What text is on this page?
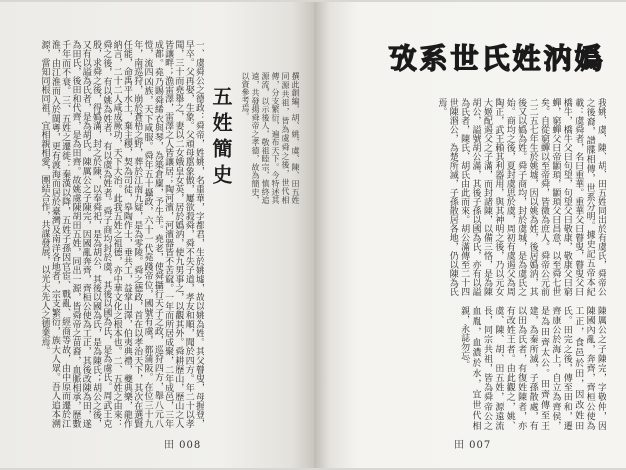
撰此創編，胡、姚、虞、陳、田五姓同源共祖，皆為虞舜之後，世代相傳，分支繁衍，遍布天下。今特述其源流，以示後人，敬祖睦宗，慎終追遠，共發揚舜帝之孝德，故為簡史，以資參考焉。
五姓簡史
一、虞舜公之德政：舜帝，姓姚，名重華，字都君，生於姚墟，故以姚為姓。其父瞽叟，母握登，早卒。父再娶，生象。父頑母嚚象傲，屢欲殺舜，舜不失子道，孝友和順，聞於四方。年二十以孝聞，三十而堯舉之，妻以二女娥皇女英，居於嬀汭，使九男事之，以觀其外。舜耕歷山，歷山之人皆讓畔；漁雷澤，雷澤之人皆讓居；陶河濱，河濱器皆不苦窳。一年而所居成聚，二年成邑，三年成都。堯乃賜舜絺衣與琴，為築倉廩，予牛羊。堯老，使舜攝行天子之政，巡狩四方，舉八元八愷，流四凶族，天下咸服。舜年五十攝政，六十一代堯踐帝位，國號有虞，都蒲阪。在位三十九年，南巡狩，崩於蒼梧之野，葬於江南九疑，是為零陵。舜之德政，首在以孝治天下，其次在選賢任能，命禹平水土，棄主稷，契為司徒，皋陶作士，垂共工，益掌山澤，伯夷典禮，夔典樂，龍作納言，二十二人咸成厥功，天下大治。此我五姓之祖德，亦中華文化之根本也。二、五姓之由來：舜之後，有以姚為姓者，有以虞為姓者。舜子商均封於虞，其後以國為氏，是為虞氏。周武王克殷，求舜之後，得嬀滿，封之於陳，以奉舜祀，是為胡公，其後以國為氏，是為陳氏；胡公之後，又有以謚為氏者，是為胡氏。陳厲公之子陳完，因國亂奔齊，齊桓公使為工正，其後改陳為田，遂為田氏，後田和代齊，是為田齊。故姚虞陳胡田五姓，同出一源，皆舜帝之苗裔，血脈相承，歷數千年而不衰。三、五姓之遷徙：秦漢以降，五姓子孫因官宦、戰亂、經商等故，由中原而遷於江淮，由江淮而入於閩粵，更有渡海而居於臺灣及南洋各地者，宗支繁衍，族大人眾。吾人追本溯源，當知同根同祖，宜相親相愛，團結合作，共謀發展，以光大先人之德業焉。
田 008
嬀汭姓氏世系攷
我姚、虞、陳、胡、田五姓同出於有虞氏，舜帝公之後裔，譜牒相傳，世系分明。據史記五帝本紀載：虞舜者，名曰重華。重華父曰瞽叟，瞽叟父曰橋牛，橋牛父曰句望，句望父曰敬康，敬康父曰窮蟬，窮蟬父曰帝顓頊，顓頊父曰昌意，以至舜七世矣。自從窮蟬以至帝舜，皆微為庶人。舜帝公元前二二五七年生於姚墟，因以姚為姓，後居嬀汭，其後又以嬀為姓。舜子商均，封於虞城，是為虞氏之始。商均之後，夏封虞思於虞，周初有虞遏父為周陶正，武王賴其利器用，與其神明之後，乃以元女大姬配遏父之子滿，而封諸陳，以備三恪，是為陳胡公，謚號胡公滿，其後子孫以國為氏，亦有以謚為氏者，陳氏、胡氏由此而來。胡公滿傳至二十四世陳湣公，為楚所滅，子孫散居各地，仍以陳為氏焉。
陳厲公之子陳完，字敬仲，因陳國內亂，奔齊，齊桓公使為工正，食邑於田，因改姓田氏。田完之後，傳至田和，遷齊康公於海上，自立為齊侯，是為田齊太公。田齊傳至王建，為秦所滅，子孫散處，有以田為氏者，有復姓陳者，亦有改姓王者。由此觀之，姚、虞、陳、胡、田五姓，源遠流長，同宗共祖，皆為舜帝公之血胤，血濃於水，宜世代相親，永誌勿忘。
田 007
